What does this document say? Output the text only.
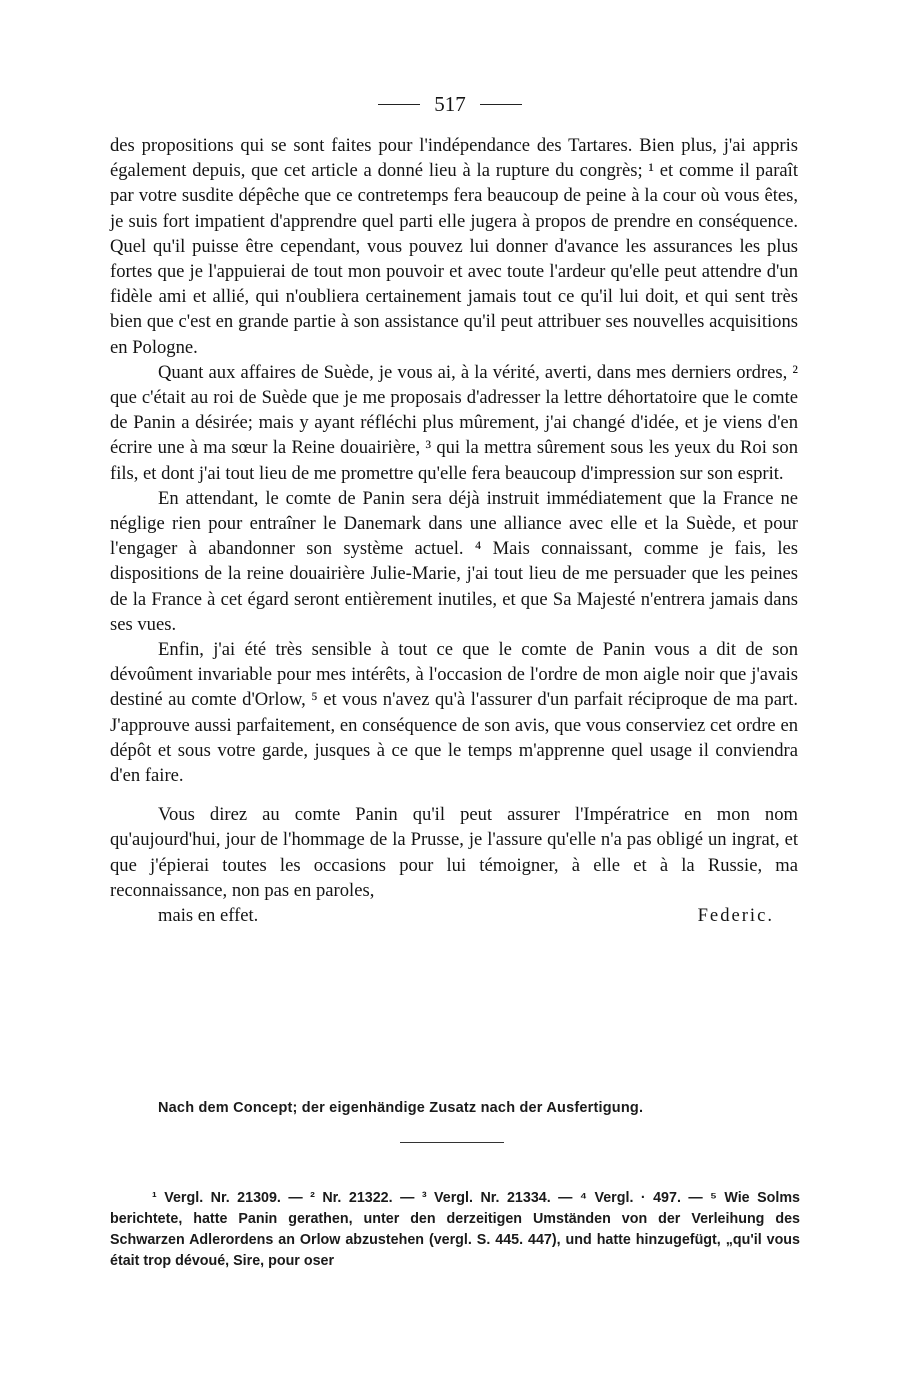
517

des propositions qui se sont faites pour l'indépendance des Tartares. Bien plus, j'ai appris également depuis, que cet article a donné lieu à la rupture du congrès; ¹ et comme il paraît par votre susdite dépêche que ce contretemps fera beaucoup de peine à la cour où vous êtes, je suis fort impatient d'apprendre quel parti elle jugera à propos de prendre en conséquence. Quel qu'il puisse être cependant, vous pouvez lui donner d'avance les assurances les plus fortes que je l'appuierai de tout mon pouvoir et avec toute l'ardeur qu'elle peut attendre d'un fidèle ami et allié, qui n'oubliera certainement jamais tout ce qu'il lui doit, et qui sent très bien que c'est en grande partie à son assistance qu'il peut attribuer ses nouvelles acquisitions en Pologne.

Quant aux affaires de Suède, je vous ai, à la vérité, averti, dans mes derniers ordres, ² que c'était au roi de Suède que je me proposais d'adresser la lettre déhortatoire que le comte de Panin a désirée; mais y ayant réfléchi plus mûrement, j'ai changé d'idée, et je viens d'en écrire une à ma sœur la Reine douairière, ³ qui la mettra sûrement sous les yeux du Roi son fils, et dont j'ai tout lieu de me promettre qu'elle fera beaucoup d'impression sur son esprit.

En attendant, le comte de Panin sera déjà instruit immédiatement que la France ne néglige rien pour entraîner le Danemark dans une alliance avec elle et la Suède, et pour l'engager à abandonner son système actuel. ⁴ Mais connaissant, comme je fais, les dispositions de la reine douairière Julie-Marie, j'ai tout lieu de me persuader que les peines de la France à cet égard seront entièrement inutiles, et que Sa Majesté n'entrera jamais dans ses vues.

Enfin, j'ai été très sensible à tout ce que le comte de Panin vous a dit de son dévoûment invariable pour mes intérêts, à l'occasion de l'ordre de mon aigle noir que j'avais destiné au comte d'Orlow, ⁵ et vous n'avez qu'à l'assurer d'un parfait réciproque de ma part. J'approuve aussi parfaitement, en conséquence de son avis, que vous conserviez cet ordre en dépôt et sous votre garde, jusques à ce que le temps m'apprenne quel usage il conviendra d'en faire.

Vous direz au comte Panin qu'il peut assurer l'Impératrice en mon nom qu'aujourd'hui, jour de l'hommage de la Prusse, je l'assure qu'elle n'a pas obligé un ingrat, et que j'épierai toutes les occasions pour lui témoigner, à elle et à la Russie, ma reconnaissance, non pas en paroles,

mais en effet.	Federic.

Nach dem Concept; der eigenhändige Zusatz nach der Ausfertigung.

¹ Vergl. Nr. 21309. — ² Nr. 21322. — ³ Vergl. Nr. 21334. — ⁴ Vergl. · 497. — ⁵ Wie Solms berichtete, hatte Panin gerathen, unter den derzeitigen Umständen von der Verleihung des Schwarzen Adlerordens an Orlow abzustehen (vergl. S. 445. 447), und hatte hinzugefügt, „qu'il vous était trop dévoué, Sire, pour oser
